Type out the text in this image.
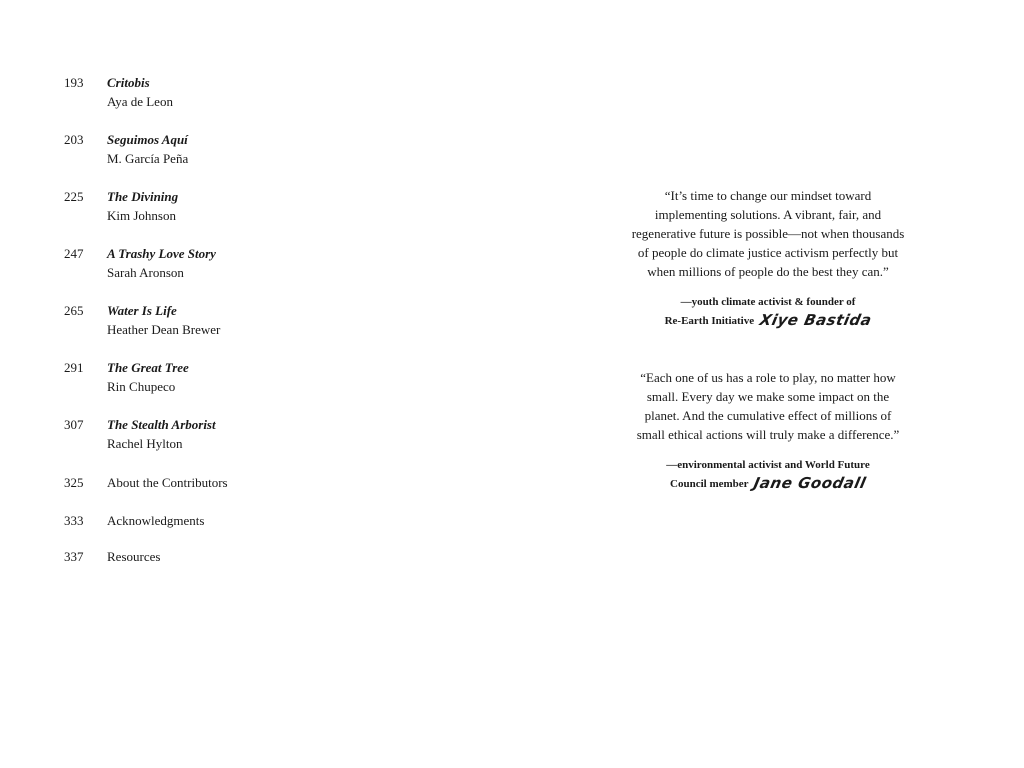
193	Critobis
Aya de Leon
203	Seguimos Aquí
M. García Peña
225	The Divining
Kim Johnson
247	A Trashy Love Story
Sarah Aronson
265	Water Is Life
Heather Dean Brewer
291	The Great Tree
Rin Chupeco
307	The Stealth Arborist
Rachel Hylton
325	About the Contributors
333	Acknowledgments
337	Resources

“It’s time to change our mindset toward
implementing solutions. A vibrant, fair, and
regenerative future is possible—not when thousands
of people do climate justice activism perfectly but
when millions of people do the best they can.”

—youth climate activist & founder of
Re-Earth Initiative Xiye Bastida

“Each one of us has a role to play, no matter how
small. Every day we make some impact on the
planet. And the cumulative effect of millions of
small ethical actions will truly make a difference.”

—environmental activist and World Future
Council member Jane Goodall
